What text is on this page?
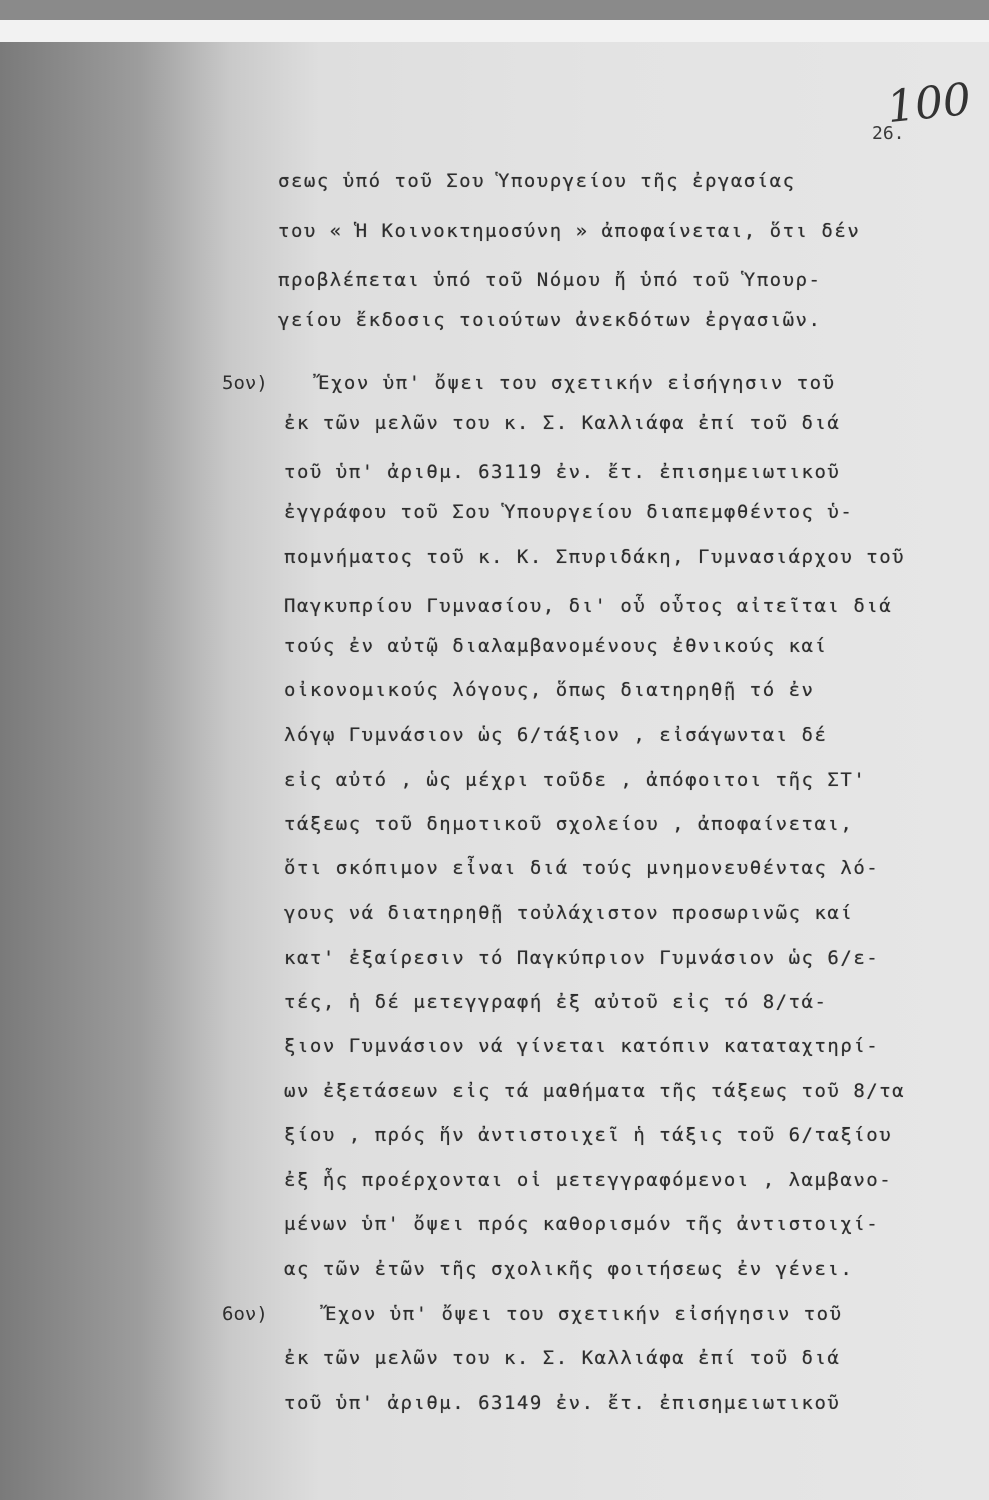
100
26.
5ον)
6ον)
σεως ὑπό τοῦ Σου Ὑπουργείου τῆς ἐργασίας
του « Ἡ Κοινοκτημοσύνη » ἀποφαίνεται, ὅτι δέν
προβλέπεται ὑπό τοῦ Νόμου ἤ ὑπό τοῦ Ὑπουρ-
γείου ἔκδοσις τοιούτων ἀνεκδότων ἐργασιῶν.
Ἔχον ὑπ' ὄψει του σχετικήν εἰσήγησιν τοῦ
ἐκ τῶν μελῶν του κ. Σ. Καλλιάφα ἐπί τοῦ διά
τοῦ ὑπ' ἀριθμ. 63119 ἐν. ἔτ. ἐπισημειωτικοῦ
ἐγγράφου τοῦ Σου Ὑπουργείου διαπεμφθέντος ὑ-
πομνήματος τοῦ κ. Κ. Σπυριδάκη, Γυμνασιάρχου τοῦ
Παγκυπρίου Γυμνασίου, δι' οὗ οὗτος αἰτεῖται διά
τούς ἐν αὐτῷ διαλαμβανομένους ἐθνικούς καί
οἰκονομικούς λόγους, ὅπως διατηρηθῇ τό ἐν
λόγῳ Γυμνάσιον ὡς 6/τάξιον , εἰσάγωνται δέ
εἰς αὐτό , ὡς μέχρι τοῦδε , ἀπόφοιτοι τῆς ΣΤ'
τάξεως τοῦ δημοτικοῦ σχολείου , ἀποφαίνεται,
ὅτι σκόπιμον εἶναι διά τούς μνημονευθέντας λό-
γους νά διατηρηθῇ τοὐλάχιστον προσωρινῶς καί
κατ' ἐξαίρεσιν τό Παγκύπριον Γυμνάσιον ὡς 6/ε-
τές, ἡ δέ μετεγγραφή ἐξ αὐτοῦ εἰς τό 8/τά-
ξιον Γυμνάσιον νά γίνεται κατόπιν καταταχτηρί-
ων ἐξετάσεων εἰς τά μαθήματα τῆς τάξεως τοῦ 8/τα
ξίου , πρός ἥν ἀντιστοιχεῖ ἡ τάξις τοῦ 6/ταξίου
ἐξ ἧς προέρχονται οἱ μετεγγραφόμενοι , λαμβανο-
μένων ὑπ' ὄψει πρός καθορισμόν τῆς ἀντιστοιχί-
ας τῶν ἐτῶν τῆς σχολικῆς φοιτήσεως ἐν γένει.
Ἔχον ὑπ' ὄψει του σχετικήν εἰσήγησιν τοῦ
ἐκ τῶν μελῶν του κ. Σ. Καλλιάφα ἐπί τοῦ διά
τοῦ ὑπ' ἀριθμ. 63149 ἐν. ἔτ. ἐπισημειωτικοῦ
